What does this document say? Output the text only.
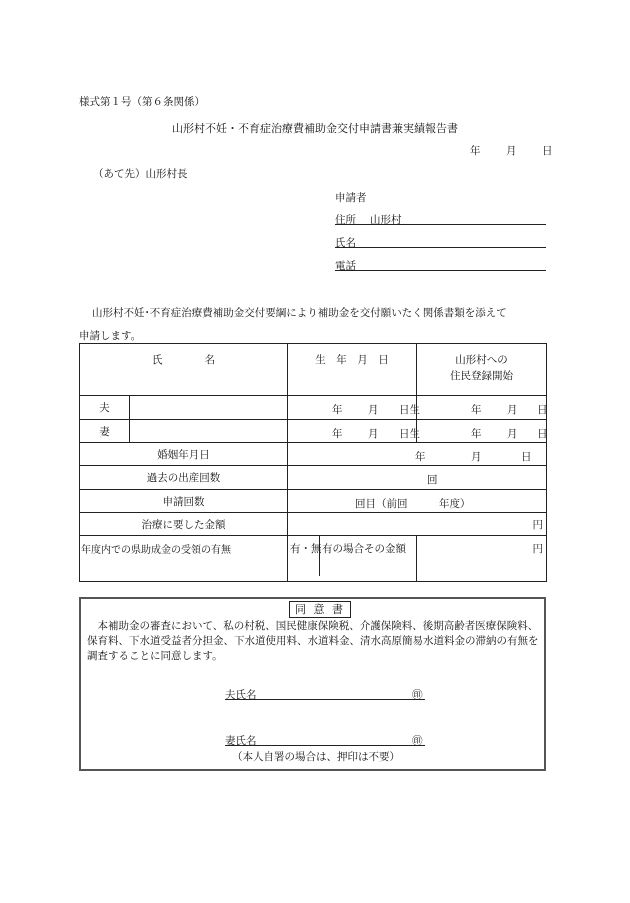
様式第１号（第６条関係）
山形村不妊・不育症治療費補助金交付申請書兼実績報告書
年 月 日
（あて先）山形村長
申請者
住所 山形村
氏名
電話
山形村不妊･不育症治療費補助金交付要綱により補助金を交付願いたく関係書類を添えて
申請します。
氏　　　　名		生　年　月　日	山形村への
住民登録開始

夫		年 月 日生	年 月 日

妻		年 月 日生	年 月 日

婚姻年月日		年 月 日	

過去の出産回数		回	

申請回数		回目（前回　　　年度）	

治療に要した金額		円	
年度内での県助成金の受領の有無		有・無 有の場合その金額	円
同 意 書
　本補助金の審査において、私の村税、国民健康保険税、介護保険料、後期高齢者医療保険料、保育料、下水道受益者分担金、下水道使用料、水道料金、清水高原簡易水道料金の滞納の有無を調査することに同意します。
夫氏名	㊞
妻氏名	㊞
（本人自署の場合は、押印は不要）
